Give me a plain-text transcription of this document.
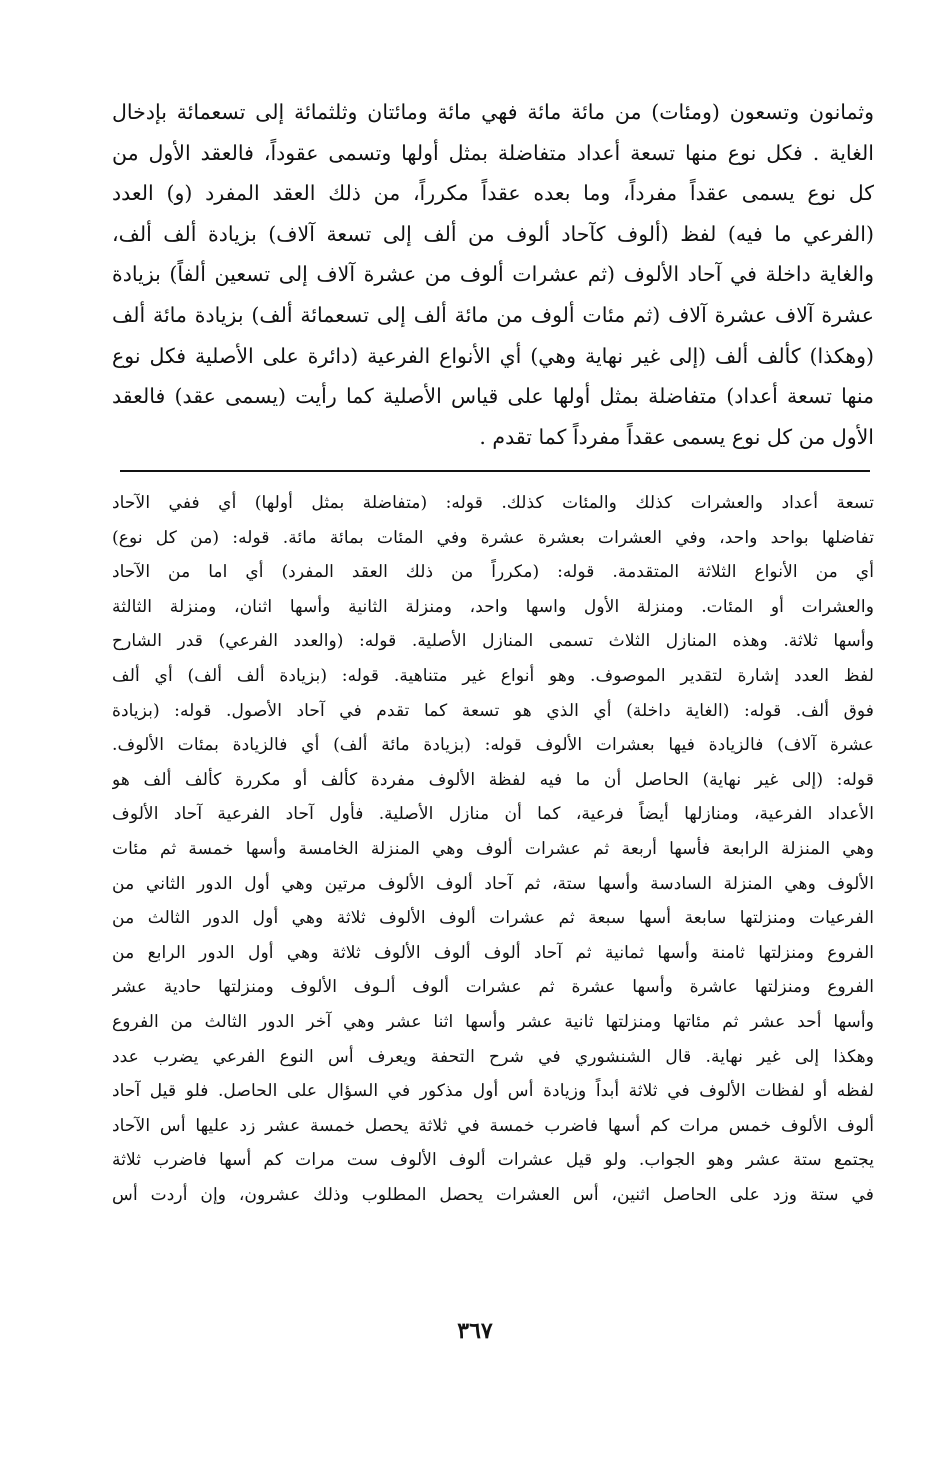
وثمانون وتسعون (ومئات) من مائة ‌مائة فهي مائة ومائتان وثلثمائة إلى تسعمائة بإدخال
الغاية . فكل نوع منها تسعة أعداد متفاضلة بمثل أولها وتسمى عقوداً، فالعقد الأول من
كل نوع يسمى عقداً مفرداً، وما بعده عقداً مكرراً، من ذلك العقد المفرد (و) العدد
(الفرعي ما فيه) لفظ (ألوف كآحاد ألوف من ألف إلى تسعة آلاف) بزيادة ألف ألف،
والغاية داخلة في آحاد الألوف (ثم عشرات ألوف من عشرة آلاف إلى تسعين ألفاً) بزيادة
عشرة آلاف عشرة آلاف (ثم مئات ألوف من مائة ألف إلى تسعمائة ألف) بزيادة مائة ألف
(وهكذا) كألف ألف (إلى غير نهاية وهي) أي الأنواع الفرعية (دائرة على الأصلية فكل نوع
منها تسعة أعداد) متفاضلة بمثل أولها على قياس الأصلية كما رأيت (يسمى عقد) فالعقد
الأول من كل نوع يسمى عقداً مفرداً كما تقدم .
تسعة أعداد والعشرات كذلك والمئات كذلك. قوله: (متفاضلة بمثل أولها) أي ففي الآحاد
تفاضلها بواحد واحد، وفي العشرات بعشرة عشرة وفي المئات بمائة مائة. قوله: (من كل نوع)
أي من الأنواع الثلاثة المتقدمة. قوله: (مكرراً من ذلك العقد المفرد) أي اما من الآحاد
والعشرات أو المئات. ومنزلة الأول واسها واحد، ومنزلة الثانية وأسها اثنان، ومنزلة الثالثة
وأسها ثلاثة. وهذه المنازل الثلاث تسمى المنازل الأصلية. قوله: (والعدد الفرعي) قدر الشارح
لفظ العدد إشارة لتقدير الموصوف. وهو أنواع غير متناهية. قوله: (بزيادة ألف ألف) أي ألف
فوق ألف. قوله: (الغاية داخلة) أي الذي هو تسعة كما تقدم في آحاد الأصول. قوله: (بزيادة
عشرة آلاف) فالزيادة فيها بعشرات الألوف قوله: (بزيادة مائة ألف) أي فالزيادة بمئات الألوف.
قوله: (إلى غير نهاية) الحاصل أن ما فيه لفظة الألوف مفردة كألف أو مكررة كألف ألف هو
الأعداد الفرعية، ومنازلها أيضاً فرعية، كما أن منازل الأصلية. فأول آحاد الفرعية آحاد الألوف
وهي المنزلة الرابعة فأسها أربعة ثم عشرات ألوف وهي المنزلة الخامسة وأسها خمسة ثم مئات
الألوف وهي المنزلة السادسة وأسها ستة، ثم آحاد ألوف الألوف مرتين وهي أول الدور الثاني من
الفرعيات ومنزلتها سابعة أسها سبعة ثم عشرات ألوف الألوف ثلاثة وهي أول الدور الثالث من
الفروع ومنزلتها ثامنة وأسها ثمانية ثم آحاد ألوف ألوف الألوف ثلاثة وهي أول الدور الرابع من
الفروع ومنزلتها عاشرة وأسها عشرة ثم عشرات ألوف ألـوف الألوف ومنزلتها حادية عشر
وأسها أحد عشر ثم مئاتها ومنزلتها ثانية عشر وأسها اثنا عشر وهي آخر الدور الثالث من الفروع
وهكذا إلى غير نهاية. قال الشنشوري في شرح التحفة ويعرف أس النوع الفرعي يضرب عدد
لفظه أو لفظات الألوف في ثلاثة أبداً وزيادة أس أول مذكور في السؤال على الحاصل. فلو قيل آحاد
ألوف الألوف خمس مرات كم أسها فاضرب خمسة في ثلاثة يحصل خمسة عشر زد عليها أس الآحاد
يجتمع ستة عشر وهو الجواب. ولو قيل عشرات ألوف الألوف ست مرات كم أسها فاضرب ثلاثة
في ستة وزد على الحاصل اثنين، أس العشرات يحصل المطلوب وذلك عشرون، وإن أردت أس
٣٦٧
